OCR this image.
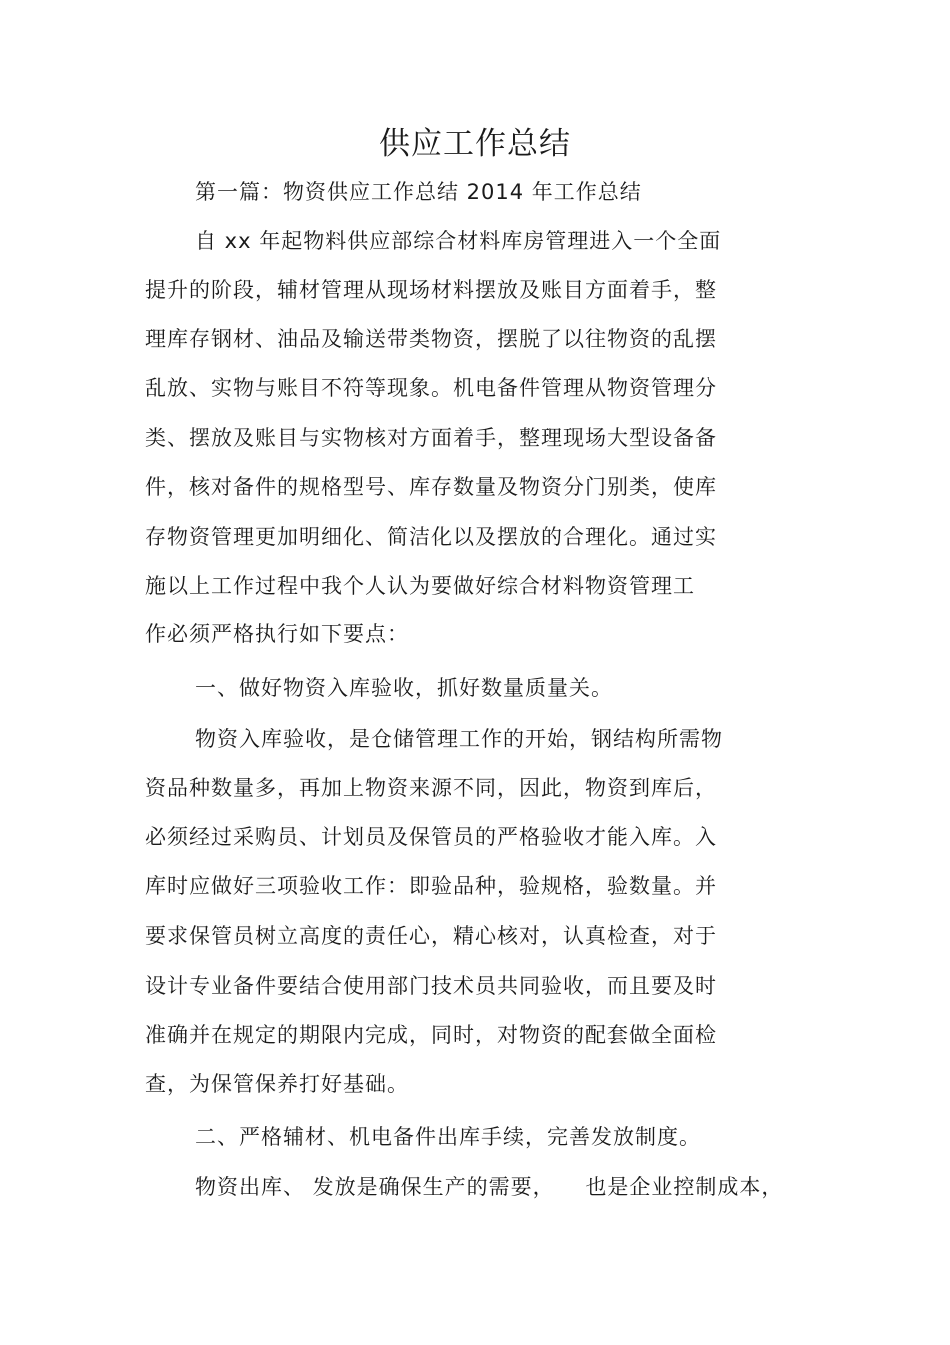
供应工作总结

第一篇：物资供应工作总结 2014 年工作总结

自 xx 年起物料供应部综合材料库房管理进入一个全面

提升的阶段，辅材管理从现场材料摆放及账目方面着手，整

理库存钢材、油品及输送带类物资，摆脱了以往物资的乱摆

乱放、实物与账目不符等现象。机电备件管理从物资管理分

类、摆放及账目与实物核对方面着手，整理现场大型设备备

件，核对备件的规格型号、库存数量及物资分门别类，使库

存物资管理更加明细化、简洁化以及摆放的合理化。通过实

施以上工作过程中我个人认为要做好综合材料物资管理工

作必须严格执行如下要点：

一、做好物资入库验收，抓好数量质量关。

物资入库验收，是仓储管理工作的开始，钢结构所需物

资品种数量多，再加上物资来源不同，因此，物资到库后，

必须经过采购员、计划员及保管员的严格验收才能入库。入

库时应做好三项验收工作：即验品种，验规格，验数量。并

要求保管员树立高度的责任心，精心核对，认真检查，对于

设计专业备件要结合使用部门技术员共同验收，而且要及时

准确并在规定的期限内完成，同时，对物资的配套做全面检

查，为保管保养打好基础。

二、严格辅材、机电备件出库手续，完善发放制度。

物资出库、 发放是确保生产的需要，    也是企业控制成本，
